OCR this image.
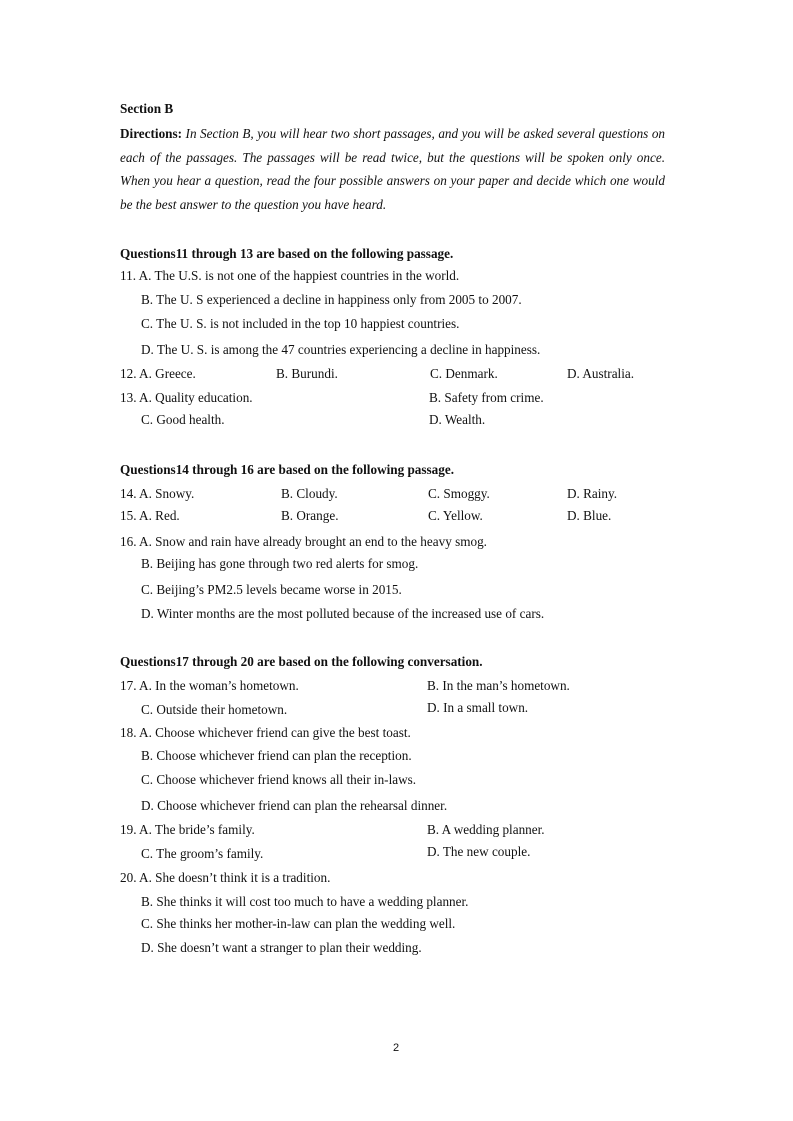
Section B
Directions: In Section B, you will hear two short passages, and you will be asked several questions on each of the passages. The passages will be read twice, but the questions will be spoken only once. When you hear a question, read the four possible answers on your paper and decide which one would be the best answer to the question you have heard.
Questions11 through 13 are based on the following passage.
11. A. The U.S. is not one of the happiest countries in the world.
B. The U. S experienced a decline in happiness only from 2005 to 2007.
C. The U. S. is not included in the top 10 happiest countries.
D. The U. S. is among the 47 countries experiencing a decline in happiness.
12. A. Greece.	B. Burundi.	C. Denmark.	D. Australia.
13. A. Quality education.	B. Safety from crime.
C. Good health.	D. Wealth.
Questions14 through 16 are based on the following passage.
14. A. Snowy.	B. Cloudy.	C. Smoggy.	D. Rainy.
15. A. Red.	B. Orange.	C. Yellow.	D. Blue.
16. A. Snow and rain have already brought an end to the heavy smog.
B. Beijing has gone through two red alerts for smog.
C. Beijing’s PM2.5 levels became worse in 2015.
D. Winter months are the most polluted because of the increased use of cars.
Questions17 through 20 are based on the following conversation.
17. A. In the woman’s hometown.	B. In the man’s hometown.
C. Outside their hometown.	D. In a small town.
18. A. Choose whichever friend can give the best toast.
B. Choose whichever friend can plan the reception.
C. Choose whichever friend knows all their in-laws.
D. Choose whichever friend can plan the rehearsal dinner.
19. A. The bride’s family.	B. A wedding planner.
C. The groom’s family.	D. The new couple.
20. A. She doesn’t think it is a tradition.
B. She thinks it will cost too much to have a wedding planner.
C. She thinks her mother-in-law can plan the wedding well.
D. She doesn’t want a stranger to plan their wedding.
2
